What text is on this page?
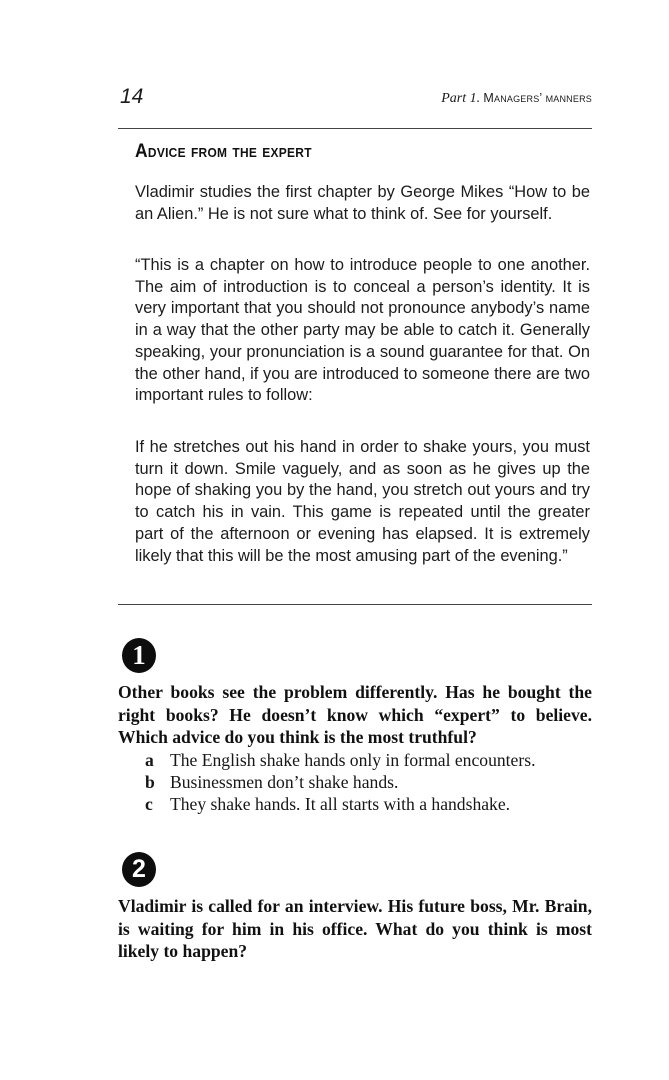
14	Part 1. Managers’ manners
Advice from the expert

Vladimir studies the first chapter by George Mikes “How to be an Alien.” He is not sure what to think of. See for yourself.

“This is a chapter on how to introduce people to one another. The aim of introduction is to conceal a person’s identity. It is very important that you should not pronounce anybody’s name in a way that the other party may be able to catch it. Generally speaking, your pronunciation is a sound guarantee for that. On the other hand, if you are introduced to someone there are two important rules to follow:

If he stretches out his hand in order to shake yours, you must turn it down. Smile vaguely, and as soon as he gives up the hope of shaking you by the hand, you stretch out yours and try to catch his in vain. This game is repeated until the greater part of the afternoon or evening has elapsed. It is extremely likely that this will be the most amusing part of the evening.”

1

Other books see the problem differently. Has he bought the right books? He doesn’t know which “expert” to believe. Which advice do you think is the most truthful?

a The English shake hands only in formal encounters.
b Businessmen don’t shake hands.
c They shake hands. It all starts with a handshake.
2

Vladimir is called for an interview. His future boss, Mr. Brain, is waiting for him in his office. What do you think is most likely to happen?
